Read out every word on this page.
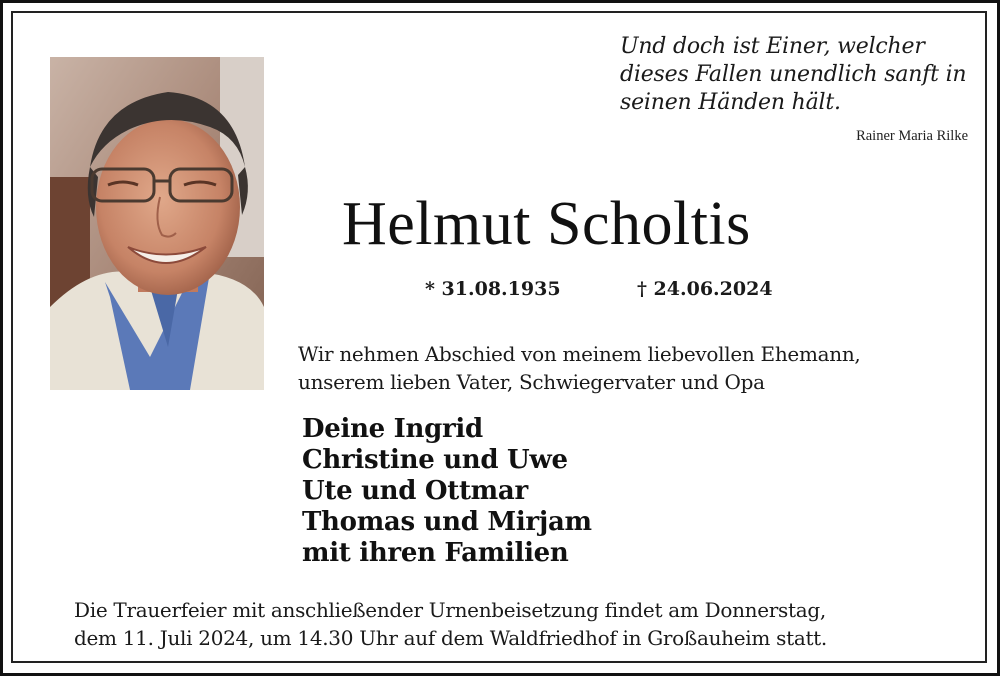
Und doch ist Einer, welcher
dieses Fallen unendlich sanft in
seinen Händen hält.
Rainer Maria Rilke
Helmut Scholtis
* 31.08.1935	† 24.06.2024
Wir nehmen Abschied von meinem liebevollen Ehemann,
unserem lieben Vater, Schwiegervater und Opa
Deine Ingrid
Christine und Uwe
Ute und Ottmar
Thomas und Mirjam
mit ihren Familien
Die Trauerfeier mit anschließender Urnenbeisetzung findet am Donnerstag,
dem 11. Juli 2024, um 14.30 Uhr auf dem Waldfriedhof in Großauheim statt.
